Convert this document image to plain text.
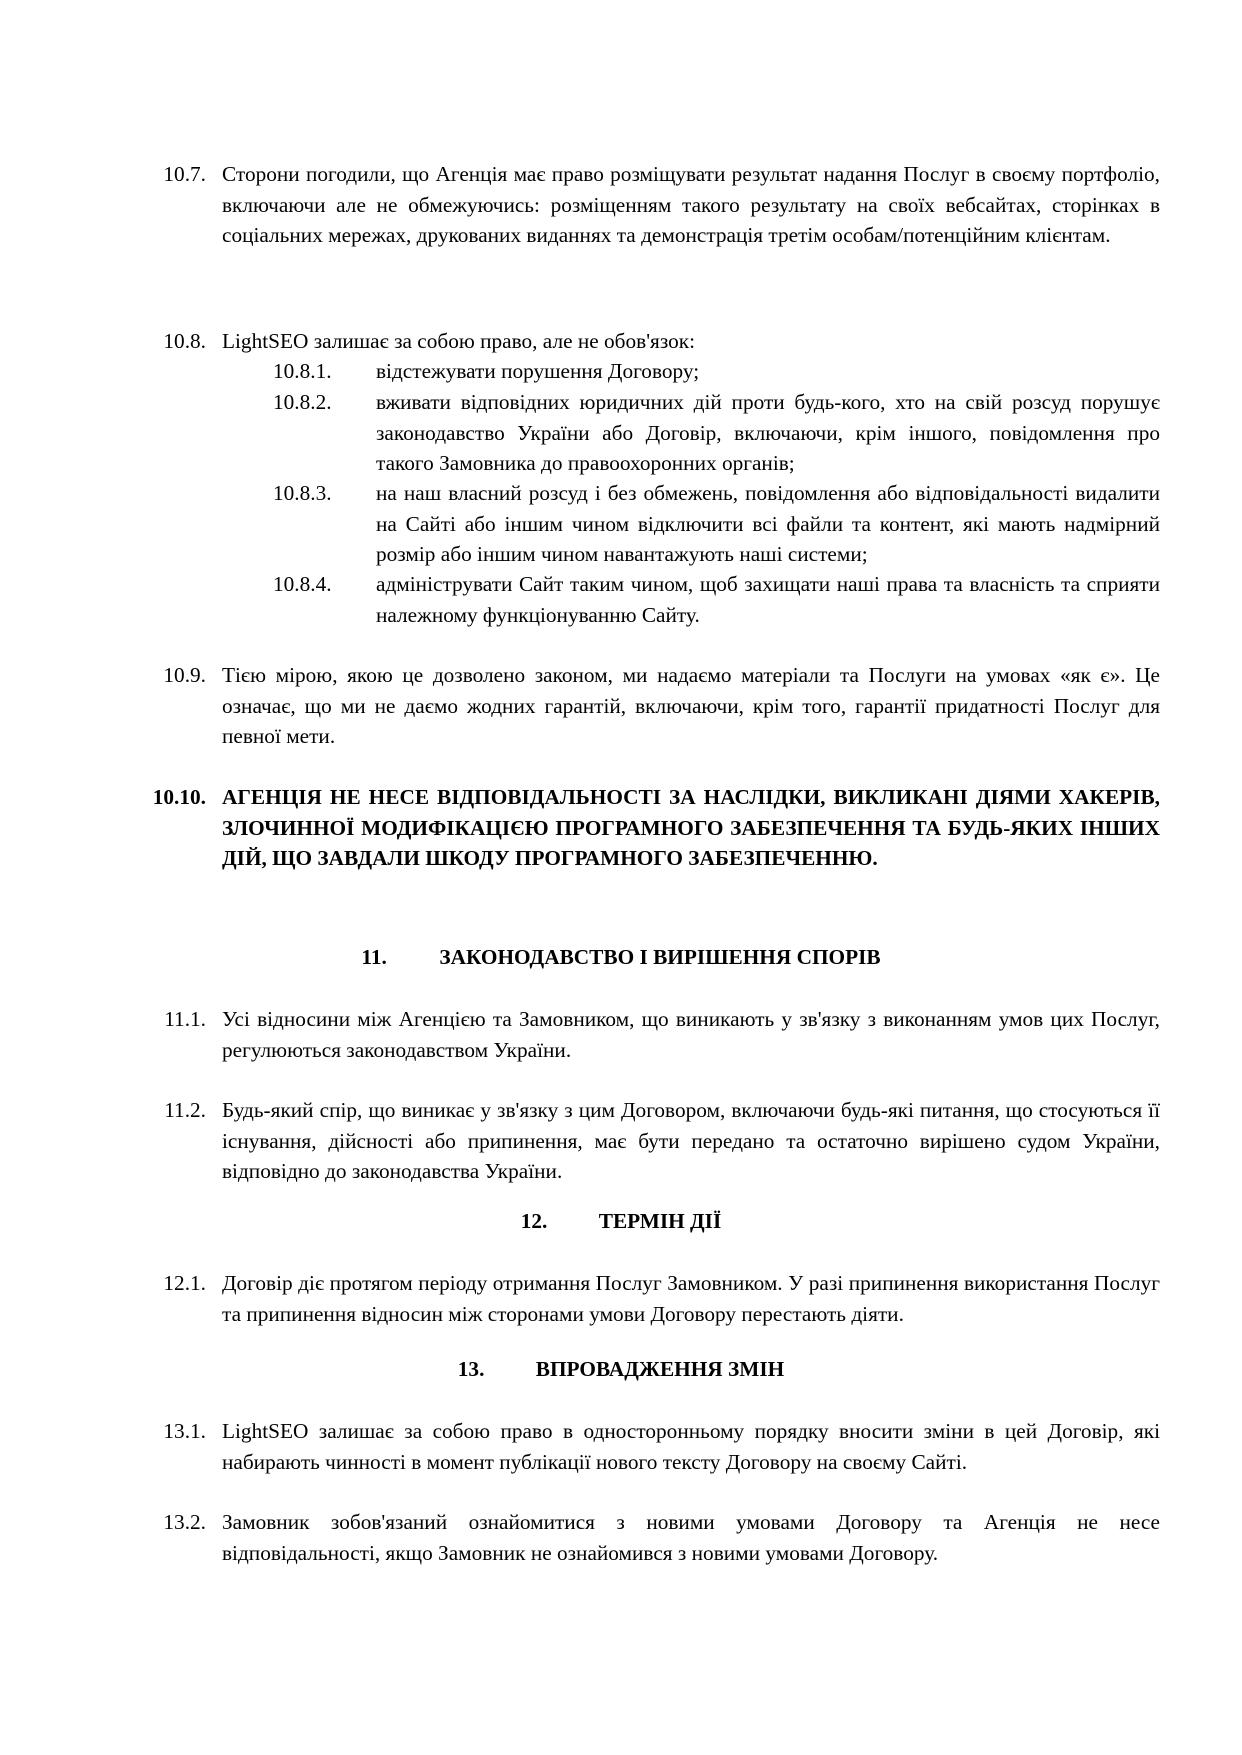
10.7. Сторони погодили, що Агенція має право розміщувати результат надання Послуг в своєму портфоліо, включаючи але не обмежуючись: розміщенням такого результату на своїх вебсайтах, сторінках в соціальних мережах, друкованих виданнях та демонстрація третім особам/потенційним клієнтам.
10.8. LightSEO залишає за собою право, але не обов'язок:
10.8.1. відстежувати порушення Договору;
10.8.2. вживати відповідних юридичних дій проти будь-кого, хто на свій розсуд порушує законодавство України або Договір, включаючи, крім іншого, повідомлення про такого Замовника до правоохоронних органів;
10.8.3. на наш власний розсуд і без обмежень, повідомлення або відповідальності видалити на Сайті або іншим чином відключити всі файли та контент, які мають надмірний розмір або іншим чином навантажують наші системи;
10.8.4. адмініструвати Сайт таким чином, щоб захищати наші права та власність та сприяти належному функціонуванню Сайту.
10.9. Тією мірою, якою це дозволено законом, ми надаємо матеріали та Послуги на умовах «як є». Це означає, що ми не даємо жодних гарантій, включаючи, крім того, гарантії придатності Послуг для певної мети.
10.10. АГЕНЦІЯ НЕ НЕСЕ ВІДПОВІДАЛЬНОСТІ ЗА НАСЛІДКИ, ВИКЛИКАНІ ДІЯМИ ХАКЕРІВ, ЗЛОЧИННОЇ МОДИФІКАЦІЄЮ ПРОГРАМНОГО ЗАБЕЗПЕЧЕННЯ ТА БУДЬ-ЯКИХ ІНШИХ ДІЙ, ЩО ЗАВДАЛИ ШКОДУ ПРОГРАМНОГО ЗАБЕЗПЕЧЕННЮ.
11. ЗАКОНОДАВСТВО І ВИРІШЕННЯ СПОРІВ
11.1. Усі відносини між Агенцією та Замовником, що виникають у зв'язку з виконанням умов цих Послуг, регулюються законодавством України.
11.2. Будь-який спір, що виникає у зв'язку з цим Договором, включаючи будь-які питання, що стосуються її існування, дійсності або припинення, має бути передано та остаточно вирішено судом України, відповідно до законодавства України.
12. ТЕРМІН ДІЇ
12.1. Договір діє протягом періоду отримання Послуг Замовником. У разі припинення використання Послуг та припинення відносин між сторонами умови Договору перестають діяти.
13. ВПРОВАДЖЕННЯ ЗМІН
13.1. LightSEO залишає за собою право в односторонньому порядку вносити зміни в цей Договір, які набирають чинності в момент публікації нового тексту Договору на своєму Сайті.
13.2. Замовник зобов'язаний ознайомитися з новими умовами Договору та Агенція не несе відповідальності, якщо Замовник не ознайомився з новими умовами Договору.
